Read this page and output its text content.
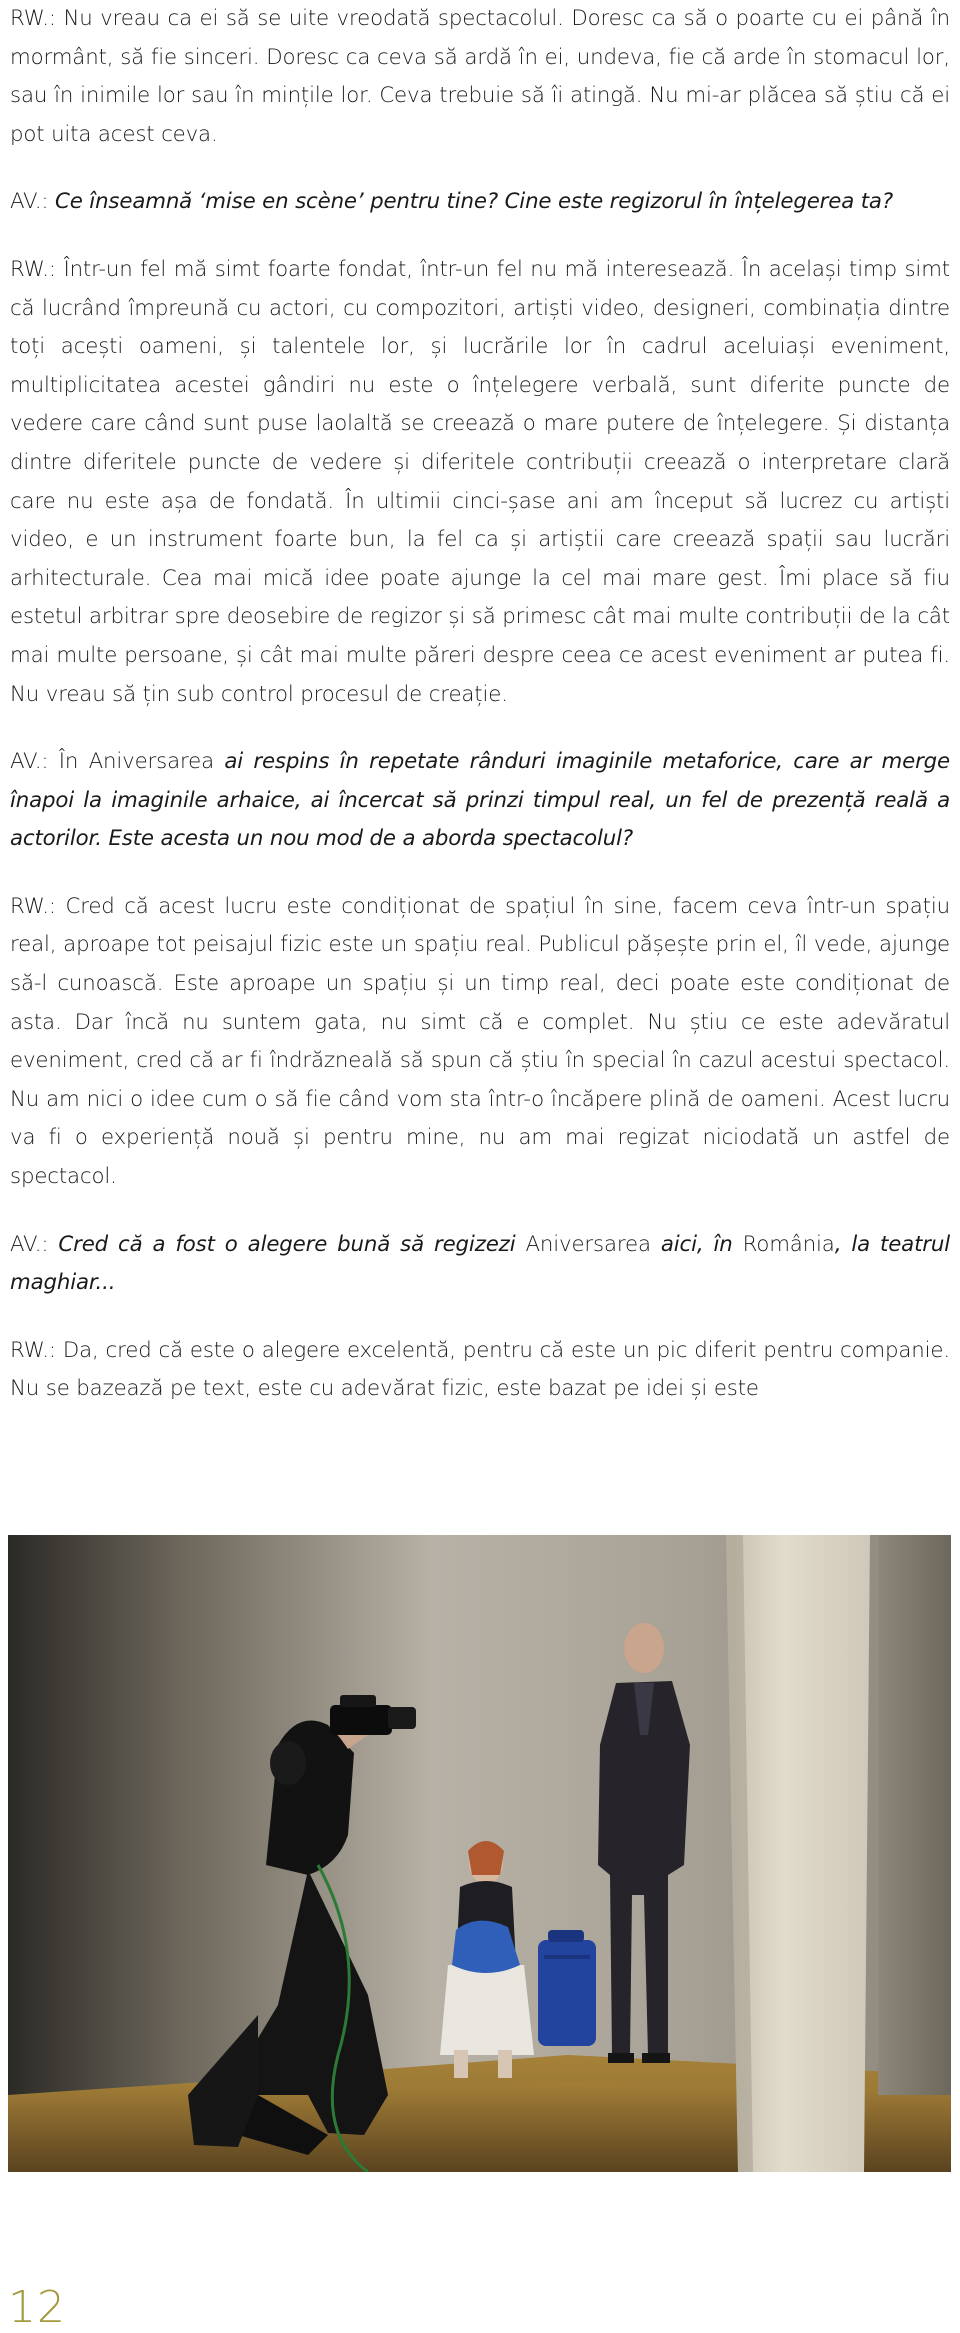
RW.: Nu vreau ca ei să se uite vreodată spectacolul. Doresc ca să o poarte cu ei până în mormânt, să fie sinceri. Doresc ca ceva să ardă în ei, undeva, fie că arde în stomacul lor, sau în inimile lor sau în mințile lor. Ceva trebuie să îi atingă. Nu mi-ar plăcea să știu că ei pot uita acest ceva.

AV.: Ce înseamnă ‘mise en scène’ pentru tine? Cine este regizorul în înțelegerea ta?

RW.: Într-un fel mă simt foarte fondat, într-un fel nu mă interesează. În același timp simt că lucrând împreună cu actori, cu compozitori, artiști video, designeri, combinația dintre toți acești oameni, și talentele lor, și lucrările lor în cadrul aceluiași eveniment, multiplicitatea acestei gândiri nu este o înțelegere verbală, sunt diferite puncte de vedere care când sunt puse laolaltă se creează o mare putere de înțelegere. Și distanța dintre diferitele puncte de vedere și diferitele contribuții creează o interpretare clară care nu este așa de fondată. În ultimii cinci-șase ani am început să lucrez cu artiști video, e un instrument foarte bun, la fel ca și artiștii care creează spații sau lucrări arhitecturale. Cea mai mică idee poate ajunge la cel mai mare gest. Îmi place să fiu estetul arbitrar spre deosebire de regizor și să primesc cât mai multe contribuții de la cât mai multe persoane, și cât mai multe păreri despre ceea ce acest eveniment ar putea fi. Nu vreau să țin sub control procesul de creație.

AV.: În Aniversarea ai respins în repetate rânduri imaginile metaforice, care ar merge înapoi la imaginile arhaice, ai încercat să prinzi timpul real, un fel de prezență reală a actorilor. Este acesta un nou mod de a aborda spectacolul?

RW.: Cred că acest lucru este condiționat de spațiul în sine, facem ceva într-un spațiu real, aproape tot peisajul fizic este un spațiu real. Publicul pășește prin el, îl vede, ajunge să-l cunoască. Este aproape un spațiu și un timp real, deci poate este condiționat de asta. Dar încă nu suntem gata, nu simt că e complet. Nu știu ce este adevăratul eveniment, cred că ar fi îndrăzneală să spun că știu în special în cazul acestui spectacol. Nu am nici o idee cum o să fie când vom sta într-o încăpere plină de oameni. Acest lucru va fi o experiență nouă și pentru mine, nu am mai regizat niciodată un astfel de spectacol.

AV.: Cred că a fost o alegere bună să regizezi Aniversarea aici, în România, la teatrul maghiar...

RW.: Da, cred că este o alegere excelentă, pentru că este un pic diferit pentru companie. Nu se bazează pe text, este cu adevărat fizic, este bazat pe idei și este

12
